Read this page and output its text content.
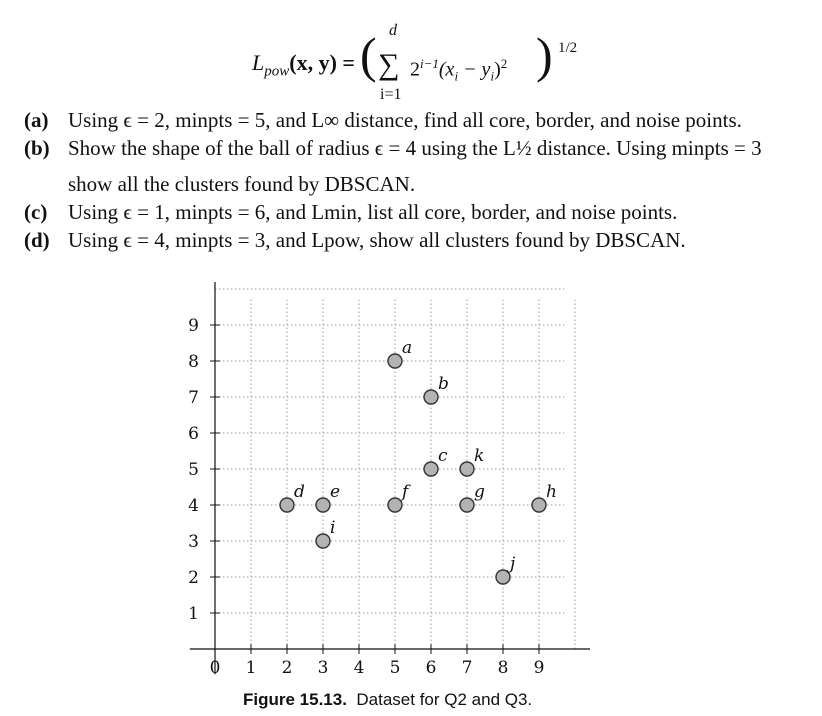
$L_{pow}(x$, y) = ( d
∑
i=1
$2^{i-1}(x_i - y_i)^2$ ) 1/2
(a) Using ϵ = 2, minpts = 5, and L∞ distance, find all core, border, and noise points.
(b) Show the shape of the ball of radius ϵ = 4 using the L½ distance. Using minpts = 3
show all the clusters found by DBSCAN.
(c) Using ϵ = 1, minpts = 6, and Lmin, list all core, border, and noise points.
(d) Using ϵ = 4, minpts = 3, and Lpow, show all clusters found by DBSCAN.
0 1 2 3 4 5 6 7 8 9
1
2
3
4
5
6
7
8
9
a
b
c k
d e	f	g	h
i
j
Figure 15.13. Dataset for Q2 and Q3.
